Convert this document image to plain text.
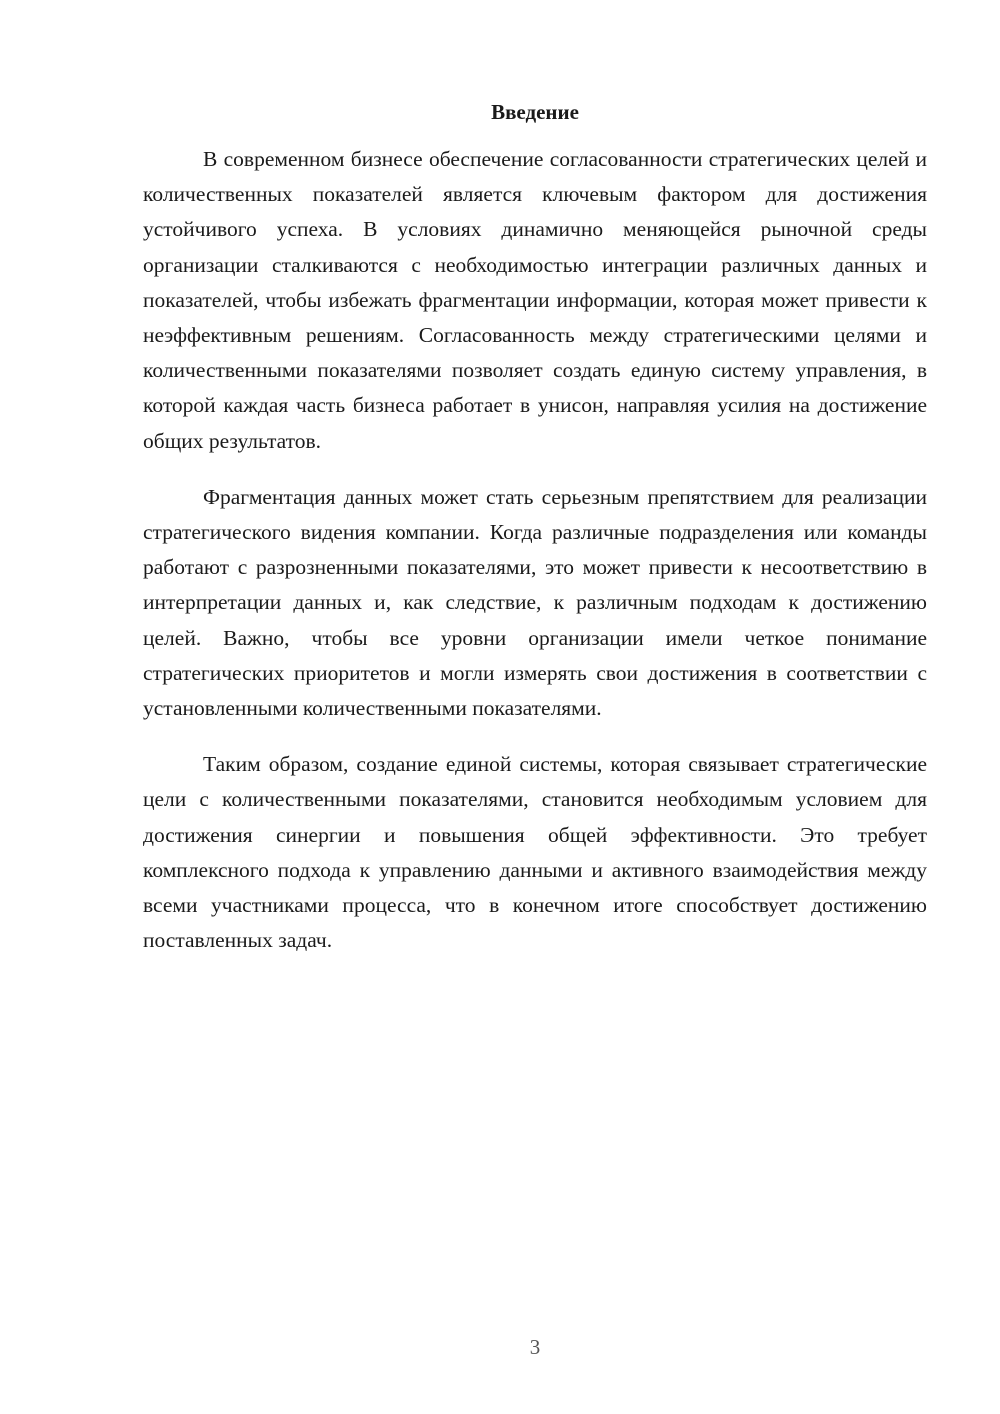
Введение

В современном бизнесе обеспечение согласованности стратегических целей и количественных показателей является ключевым фактором для достижения устойчивого успеха. В условиях динамично меняющейся рыночной среды организации сталкиваются с необходимостью интеграции различных данных и показателей, чтобы избежать фрагментации информации, которая может привести к неэффективным решениям. Согласованность между стратегическими целями и количественными показателями позволяет создать единую систему управления, в которой каждая часть бизнеса работает в унисон, направляя усилия на достижение общих результатов.

Фрагментация данных может стать серьезным препятствием для реализации стратегического видения компании. Когда различные подразделения или команды работают с разрозненными показателями, это может привести к несоответствию в интерпретации данных и, как следствие, к различным подходам к достижению целей. Важно, чтобы все уровни организации имели четкое понимание стратегических приоритетов и могли измерять свои достижения в соответствии с установленными количественными показателями.

Таким образом, создание единой системы, которая связывает стратегические цели с количественными показателями, становится необходимым условием для достижения синергии и повышения общей эффективности. Это требует комплексного подхода к управлению данными и активного взаимодействия между всеми участниками процесса, что в конечном итоге способствует достижению поставленных задач.

3
